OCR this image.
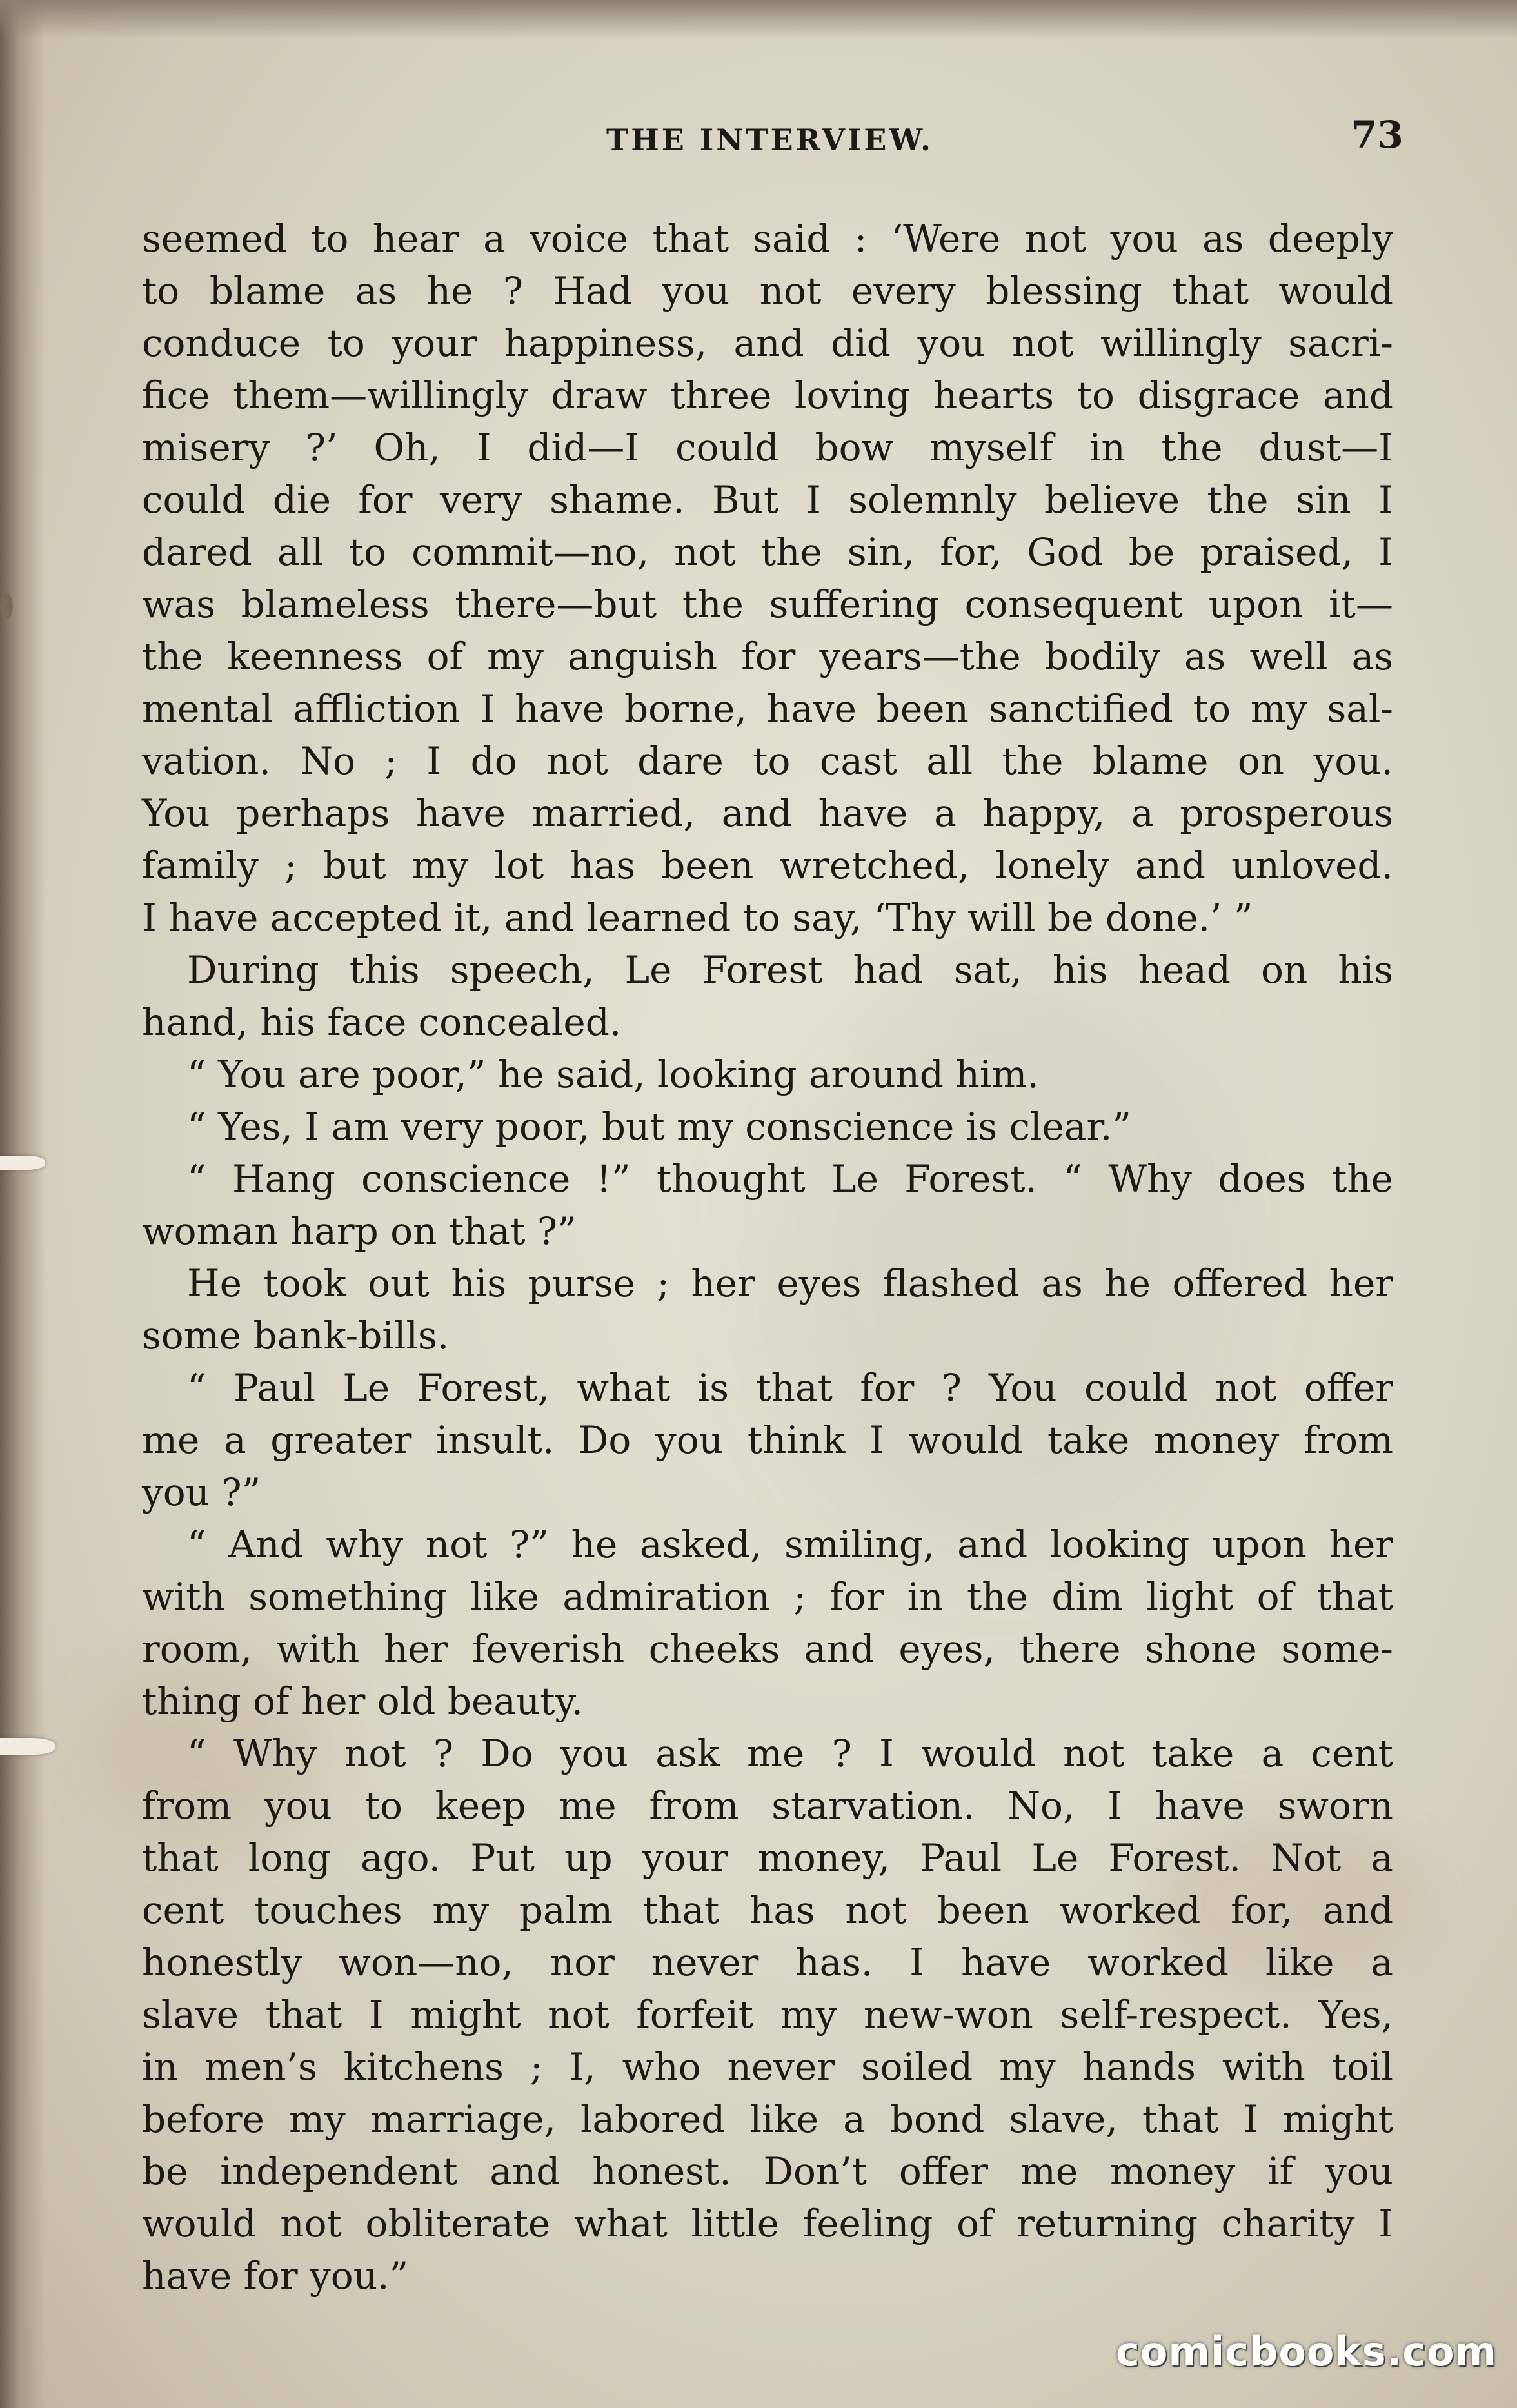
THE INTERVIEW.	73
seemed to hear a voice that said : ‘Were not you as deeply
to blame as he ? Had you not every blessing that would
conduce to your happiness, and did you not willingly sacri-
fice them—willingly draw three loving hearts to disgrace and
misery ?’ Oh, I did—I could bow myself in the dust—I
could die for very shame. But I solemnly believe the sin I
dared all to commit—no, not the sin, for, God be praised, I
was blameless there—but the suffering consequent upon it—
the keenness of my anguish for years—the bodily as well as
mental affliction I have borne, have been sanctified to my sal-
vation. No ; I do not dare to cast all the blame on you.
You perhaps have married, and have a happy, a prosperous
family ; but my lot has been wretched, lonely and unloved.
I have accepted it, and learned to say, ‘Thy will be done.’ ”
During this speech, Le Forest had sat, his head on his
hand, his face concealed.
“ You are poor,” he said, looking around him.
“ Yes, I am very poor, but my conscience is clear.”
“ Hang conscience !” thought Le Forest. “ Why does the
woman harp on that ?”
He took out his purse ; her eyes flashed as he offered her
some bank-bills.
“ Paul Le Forest, what is that for ? You could not offer
me a greater insult. Do you think I would take money from
you ?”
“ And why not ?” he asked, smiling, and looking upon her
with something like admiration ; for in the dim light of that
room, with her feverish cheeks and eyes, there shone some-
thing of her old beauty.
“ Why not ? Do you ask me ? I would not take a cent
from you to keep me from starvation. No, I have sworn
that long ago. Put up your money, Paul Le Forest. Not a
cent touches my palm that has not been worked for, and
honestly won—no, nor never has. I have worked like a
slave that I might not forfeit my new-won self-respect. Yes,
in men’s kitchens ; I, who never soiled my hands with toil
before my marriage, labored like a bond slave, that I might
be independent and honest. Don’t offer me money if you
would not obliterate what little feeling of returning charity I
have for you.”
comicbooks.com
